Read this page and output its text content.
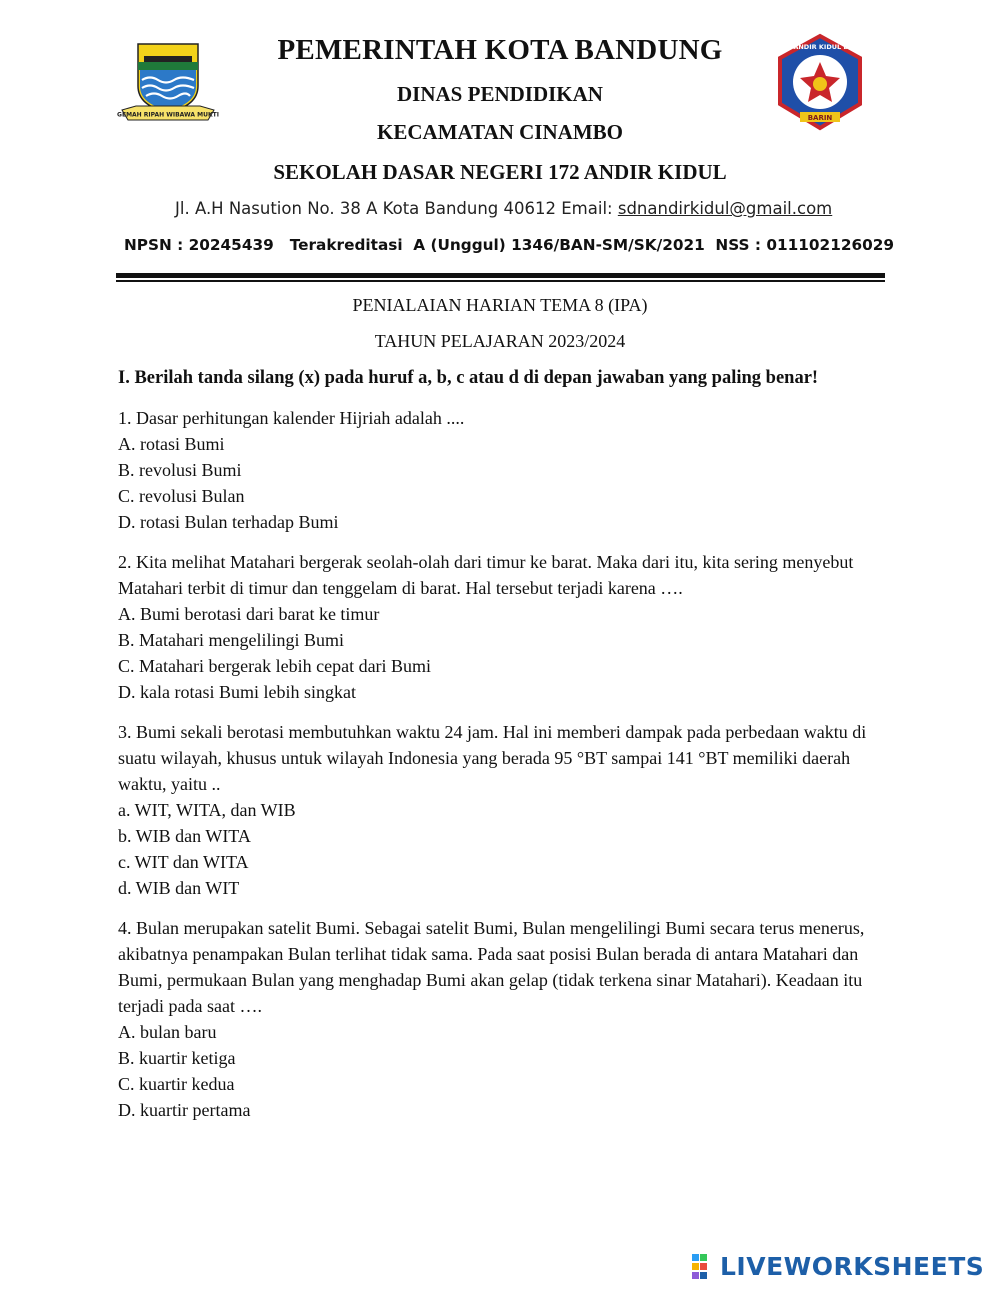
GEMAH RIPAH WIBAWA MUKTI	BARIN
SDN 172 ANDIR KIDUL BANDUNG
PEMERINTAH KOTA BANDUNG
DINAS PENDIDIKAN
KECAMATAN CINAMBO
SEKOLAH DASAR NEGERI 172 ANDIR KIDUL
Jl. A.H Nasution No. 38 A Kota Bandung 40612 Email: sdnandirkidul@gmail.com
NPSN : 20245439   Terakreditasi  A (Unggul) 1346/BAN-SM/SK/2021  NSS : 011102126029
PENIALAIAN HARIAN TEMA 8 (IPA)
TAHUN PELAJARAN 2023/2024
I. Berilah tanda silang (x) pada huruf a, b, c atau d di depan jawaban yang paling benar!

1. Dasar perhitungan kalender Hijriah adalah ....

A. rotasi Bumi

B. revolusi Bumi

C. revolusi Bulan

D. rotasi Bulan terhadap Bumi

2. Kita melihat Matahari bergerak seolah-olah dari timur ke barat. Maka dari itu, kita sering menyebut Matahari terbit di timur dan tenggelam di barat. Hal tersebut terjadi karena ….

A. Bumi berotasi dari barat ke timur

B. Matahari mengelilingi Bumi

C. Matahari bergerak lebih cepat dari Bumi

D. kala rotasi Bumi lebih singkat

3. Bumi sekali berotasi membutuhkan waktu 24 jam. Hal ini memberi dampak pada perbedaan waktu di suatu wilayah, khusus untuk wilayah Indonesia yang berada 95 °BT sampai 141 °BT memiliki daerah waktu, yaitu ..

a. WIT, WITA, dan WIB

b. WIB dan WITA

c. WIT dan WITA

d. WIB dan WIT

4. Bulan merupakan satelit Bumi. Sebagai satelit Bumi, Bulan mengelilingi Bumi secara terus menerus, akibatnya penampakan Bulan terlihat tidak sama. Pada saat posisi Bulan berada di antara Matahari dan Bumi, permukaan Bulan yang menghadap Bumi akan gelap (tidak terkena sinar Matahari). Keadaan itu terjadi pada saat ….

A. bulan baru

B. kuartir ketiga

C. kuartir kedua

D. kuartir pertama

LIVEWORKSHEETS
